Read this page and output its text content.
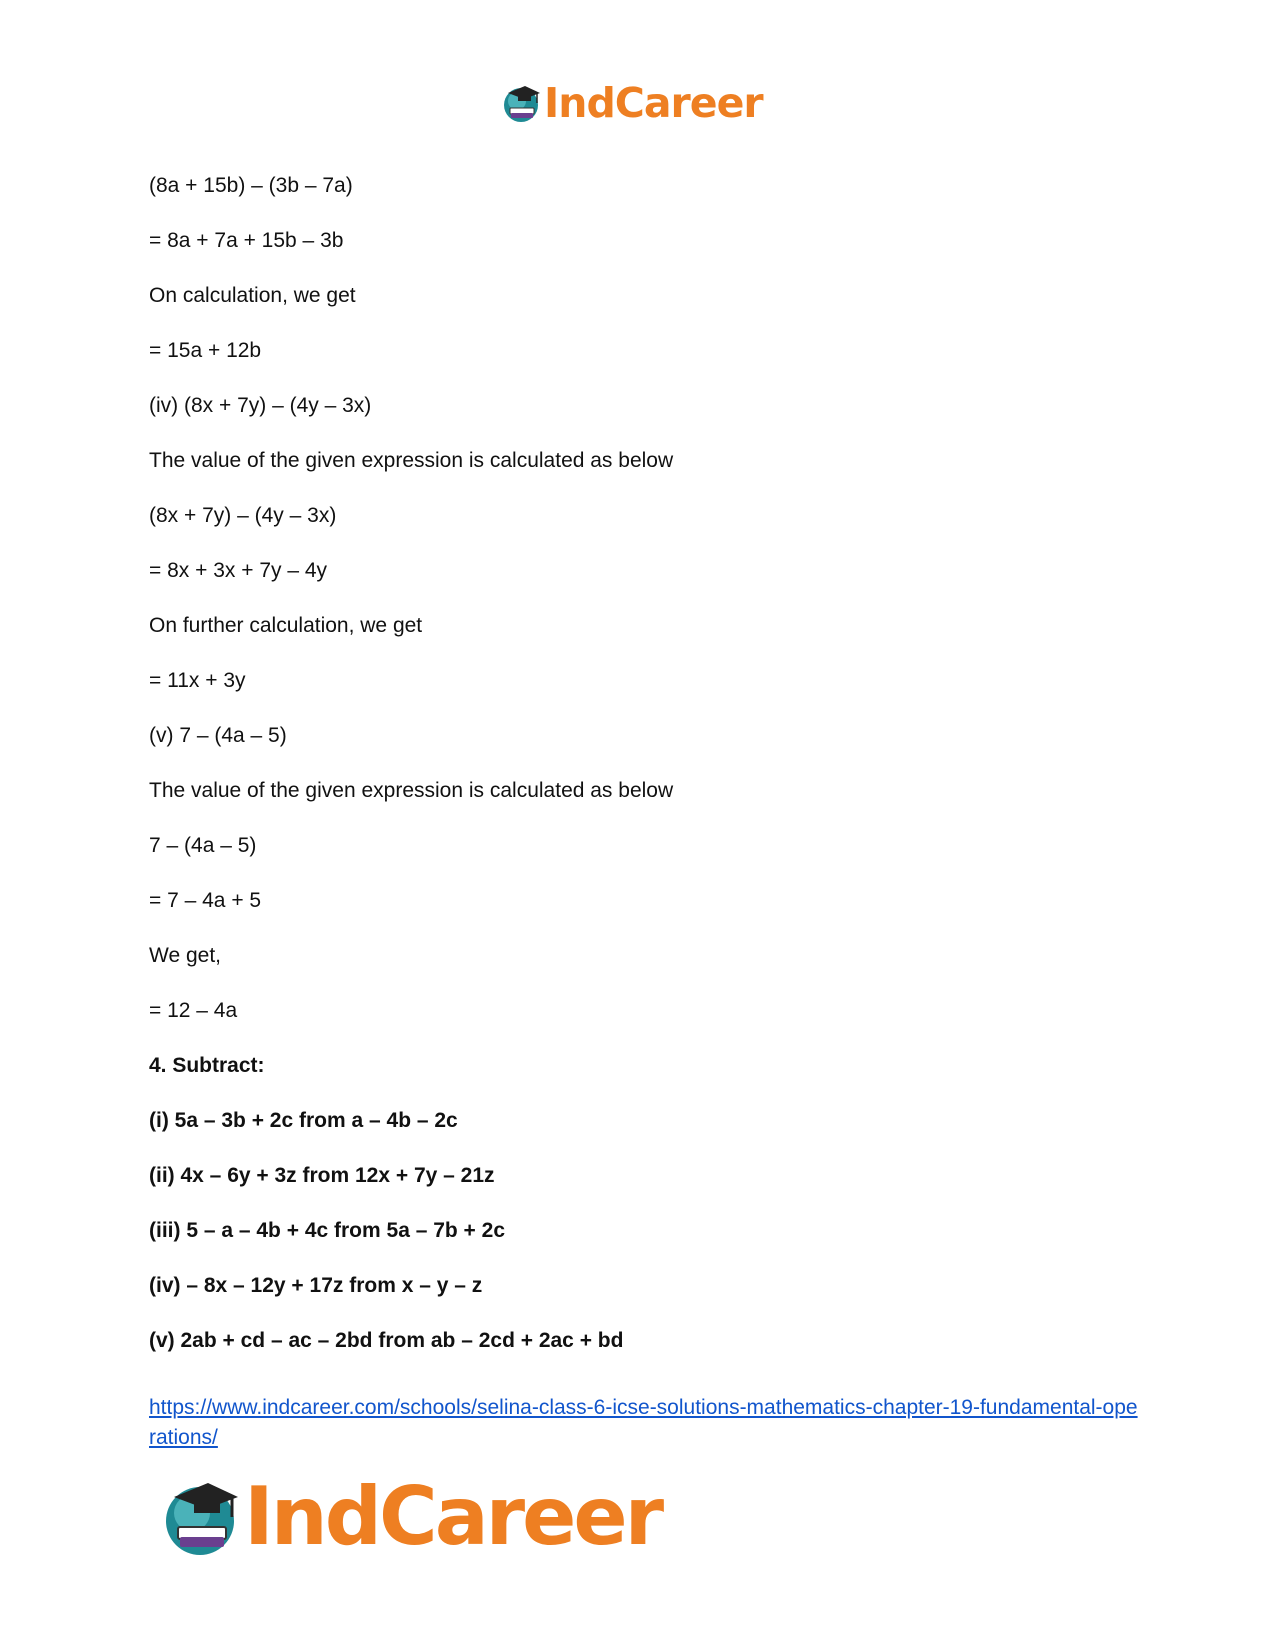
IndCareer

(8a + 15b) – (3b – 7a)

= 8a + 7a + 15b – 3b

On calculation, we get

= 15a + 12b

(iv) (8x + 7y) – (4y – 3x)

The value of the given expression is calculated as below

(8x + 7y) – (4y – 3x)

= 8x + 3x + 7y – 4y

On further calculation, we get

= 11x + 3y

(v) 7 – (4a – 5)

The value of the given expression is calculated as below

7 – (4a – 5)

= 7 – 4a + 5

We get,

= 12 – 4a

4. Subtract:

(i) 5a – 3b + 2c from a – 4b – 2c

(ii) 4x – 6y + 3z from 12x + 7y – 21z

(iii) 5 – a – 4b + 4c from 5a – 7b + 2c

(iv) – 8x – 12y + 17z from x – y – z

(v) 2ab + cd – ac – 2bd from ab – 2cd + 2ac + bd

https://www.indcareer.com/schools/selina-class-6-icse-solutions-mathematics-chapter-19-fundamental-operations/
IndCareer
